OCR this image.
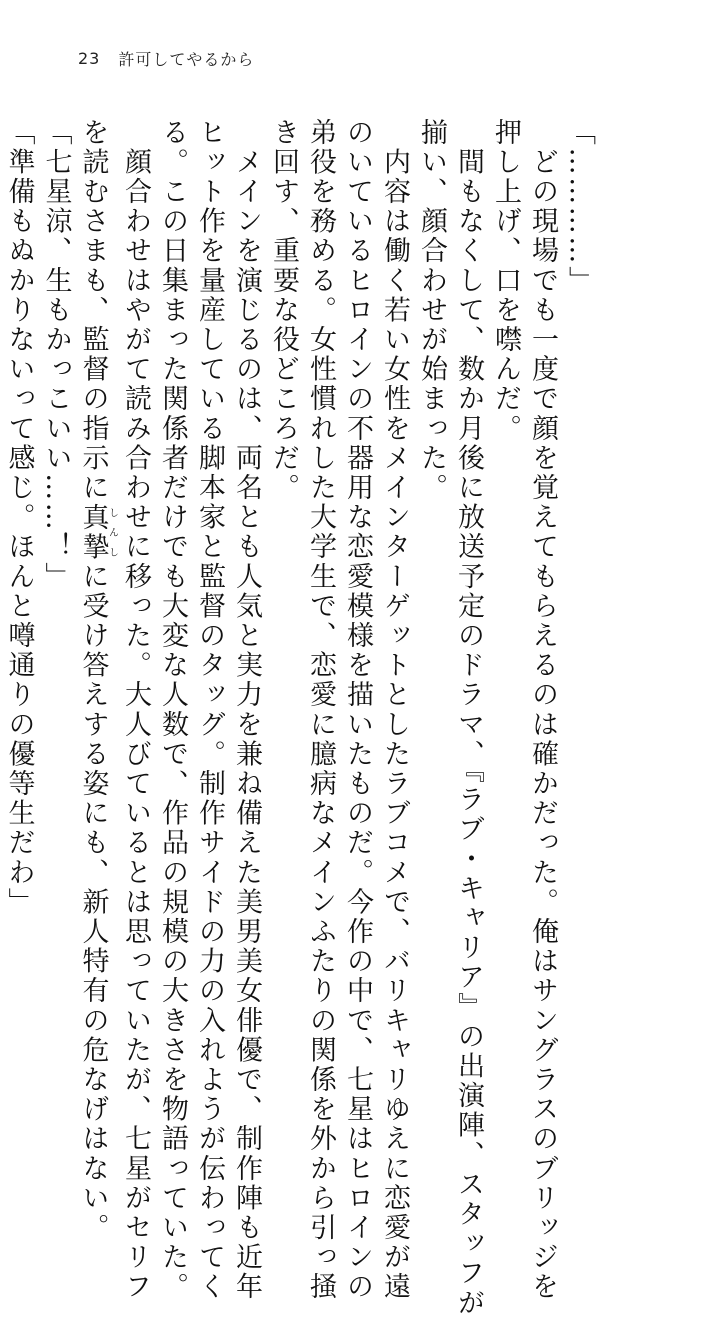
23 許可してやるから
「…………」
　どの現場でも一度で顔を覚えてもらえるのは確かだった。俺はサングラスのブリッジを
押し上げ、口を噤んだ。
　間もなくして、数か月後に放送予定のドラマ、『ラブ・キャリア』の出演陣、スタッフが
揃い、顔合わせが始まった。
　内容は働く若い女性をメインターゲットとしたラブコメで、バリキャリゆえに恋愛が遠
のいているヒロインの不器用な恋愛模様を描いたものだ。今作の中で、七星はヒロインの
弟役を務める。女性慣れした大学生で、恋愛に臆病なメインふたりの関係を外から引っ掻
き回す、重要な役どころだ。
　メインを演じるのは、両名とも人気と実力を兼ね備えた美男美女俳優で、制作陣も近年
ヒット作を量産している脚本家と監督のタッグ。制作サイドの力の入れようが伝わってく
る。この日集まった関係者だけでも大変な人数で、作品の規模の大きさを物語っていた。
　顔合わせはやがて読み合わせに移った。大人びているとは思っていたが、七星がセリフ
を読むさまも、監督の指示に真摯しんしに受け答えする姿にも、新人特有の危なげはない。
「七星涼、生もかっこいい……！」
「準備もぬかりないって感じ。ほんと噂通りの優等生だわ」
